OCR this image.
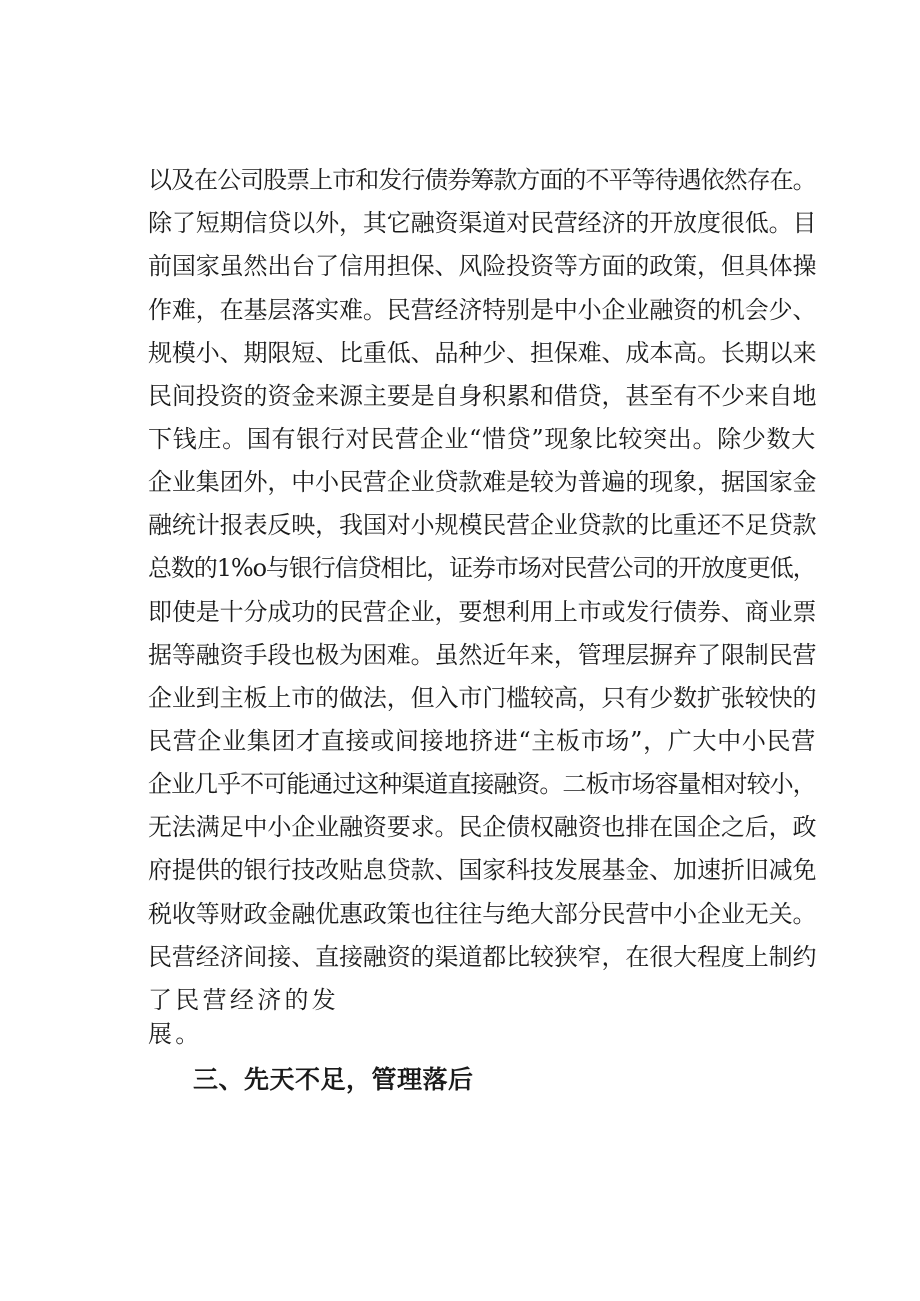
以及在公司股票上市和发行债券筹款方面的不平等待遇依然存在。
除了短期信贷以外，其它融资渠道对民营经济的开放度很低。目
前国家虽然出台了信用担保、风险投资等方面的政策，但具体操
作难，在基层落实难。民营经济特别是中小企业融资的机会少、
规模小、期限短、比重低、品种少、担保难、成本高。长期以来
民间投资的资金来源主要是自身积累和借贷，甚至有不少来自地
下钱庄。国有银行对民营企业“惜贷”现象比较突出。除少数大
企业集团外，中小民营企业贷款难是较为普遍的现象，据国家金
融统计报表反映，我国对小规模民营企业贷款的比重还不足贷款
总数的1%o与银行信贷相比，证券市场对民营公司的开放度更低，
即使是十分成功的民营企业，要想利用上市或发行债券、商业票
据等融资手段也极为困难。虽然近年来，管理层摒弃了限制民营
企业到主板上市的做法，但入市门槛较高，只有少数扩张较快的
民营企业集团才直接或间接地挤进“主板市场”，广大中小民营
企业几乎不可能通过这种渠道直接融资。二板市场容量相对较小，
无法满足中小企业融资要求。民企债权融资也排在国企之后，政
府提供的银行技改贴息贷款、国家科技发展基金、加速折旧减免
税收等财政金融优惠政策也往往与绝大部分民营中小企业无关。
民营经济间接、直接融资的渠道都比较狭窄，在很大程度上制约
了民营经济的发
展。
三、先天不足，管理落后
